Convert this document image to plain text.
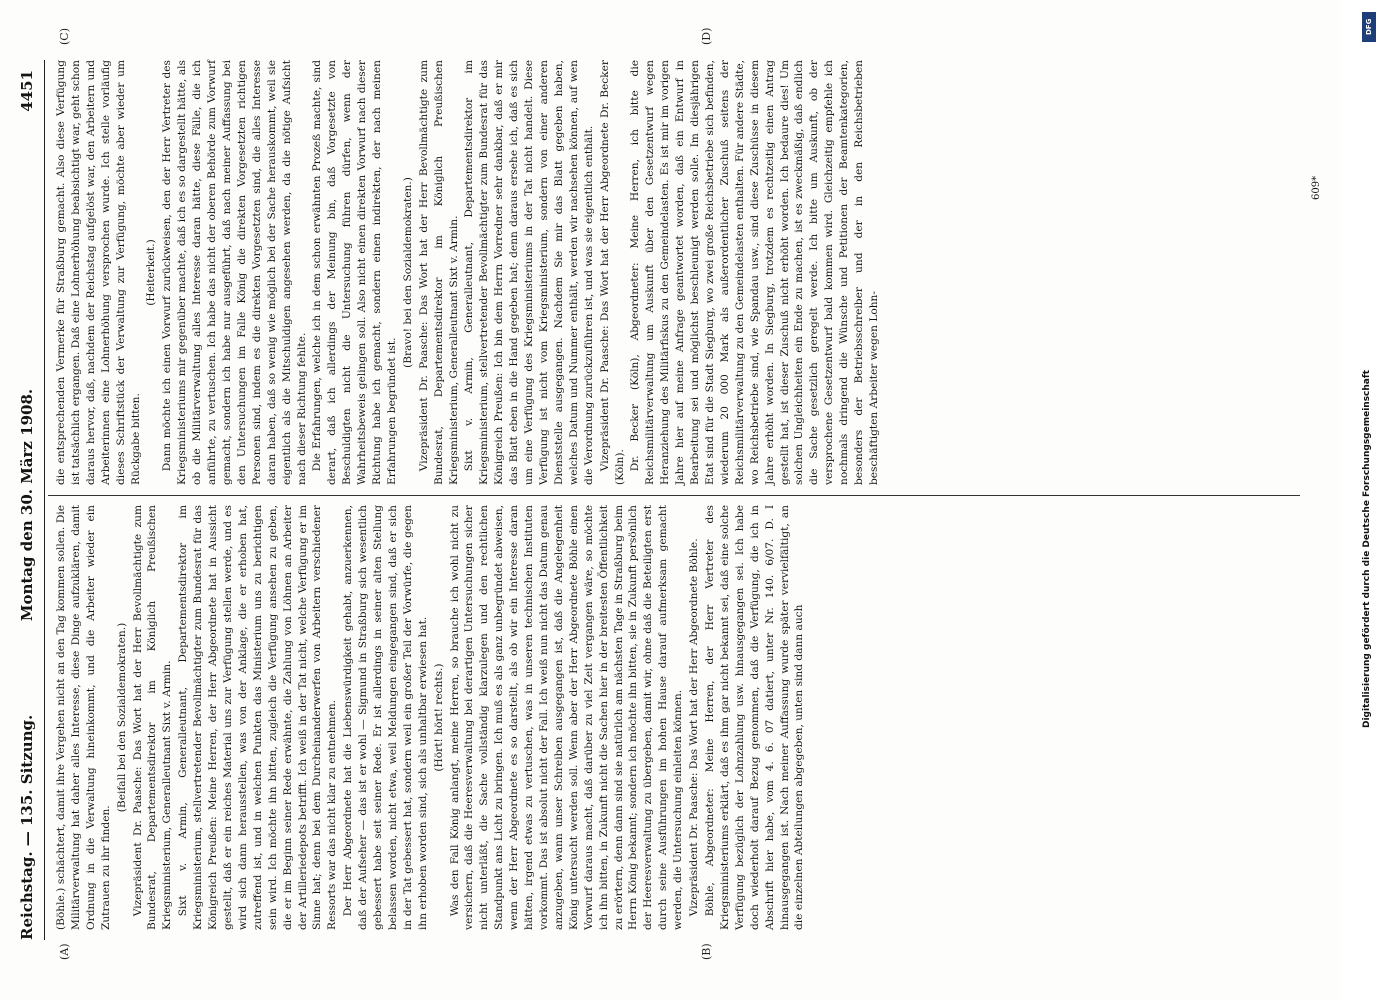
Reichstag. — 135. Sitzung.
Montag den 30. März 1908.
4451
(A)	(B)
(C)	(D)

(Böhle.) schächtert, damit ihre Vergehen nicht an den Tag kommen sollen. Die Militärverwaltung hat daher alles Interesse, diese Dinge aufzuklären, damit Ordnung in die Verwaltung hineinkommt, und die Arbeiter wieder ein Zutrauen zu ihr finden.

(Beifall bei den Sozialdemokraten.) Vizepräsident Dr. Paasche: Das Wort hat der Herr Bevollmächtigte zum Bundesrat, Departementsdirektor im Königlich Preußischen Kriegsministerium, Generalleutnant Sixt v. Armin. Sixt v. Armin, Generalleutnant, Departementsdirektor im Kriegsministerium, stellvertretender Bevollmächtigter zum Bundesrat für das Königreich Preußen: Meine Herren, der Herr Abgeordnete hat in Aussicht gestellt, daß er ein reiches Material uns zur Verfügung stellen werde, und es wird sich dann herausstellen, was von der Anklage, die er erhoben hat, zutreffend ist, und in welchen Punkten das Ministerium uns zu berichtigen sein wird. Ich möchte ihn bitten, zugleich die Verfügung ansehen zu geben, die er im Beginn seiner Rede erwähnte, die Zahlung von Löhnen an Arbeiter der Artilleriedepots betrifft. Ich weiß in der Tat nicht, welche Verfügung er im Sinne hat; denn bei dem Durcheinanderwerfen von Arbeitern verschiedener Ressorts war das nicht klar zu entnehmen. Der Herr Abgeordnete hat die Liebenswürdigkeit gehabt, anzuerkennen, daß der Aufseher — das ist er wohl — Sigmund in Straßburg sich wesentlich gebessert habe seit seiner Rede. Er ist allerdings in seiner alten Stellung belassen worden, nicht etwa, weil Meldungen eingegangen sind, daß er sich in der Tat gebessert hat, sondern weil ein großer Teil der Vorwürfe, die gegen ihn erhoben worden sind, sich als unhaltbar erwiesen hat. (Hört! hört! rechts.) Was den Fall König anlangt, meine Herren, so brauche ich wohl nicht zu versichern, daß die Heeresverwaltung bei derartigen Untersuchungen sicher nicht unterläßt, die Sache vollständig klarzulegen und den rechtlichen Standpunkt ans Licht zu bringen. Ich muß es als ganz unbegründet abweisen, wenn der Herr Abgeordnete es so darstellt, als ob wir ein Interesse daran hätten, irgend etwas zu vertuschen, was in unseren technischen Instituten vorkommt. Das ist absolut nicht der Fall. Ich weiß nun nicht das Datum genau anzugeben, wann unser Schreiben ausgegangen ist, daß die Angelegenheit König untersucht werden soll. Wenn aber der Herr Abgeordnete Böhle einen Vorwurf daraus macht, daß darüber zu viel Zeit vergangen wäre, so möchte ich ihn bitten, in Zukunft nicht die Sachen hier in der breitesten Öffentlichkeit zu erörtern, denn dann sind sie natürlich am nächsten Tage in Straßburg beim Herrn König bekannt; sondern ich möchte ihn bitten, sie in Zukunft persönlich der Heeresverwaltung zu übergeben, damit wir, ohne daß die Beteiligten erst durch seine Ausführungen im hohen Hause darauf aufmerksam gemacht werden, die Untersuchung einleiten können. Vizepräsident Dr. Paasche: Das Wort hat der Herr Abgeordnete Böhle. Böhle, Abgeordneter: Meine Herren, der Herr Vertreter des Kriegsministeriums erklärt, daß es ihm gar nicht bekannt sei, daß eine solche Verfügung bezüglich der Lohnzahlung usw. hinausgegangen sei. Ich habe doch wiederholt darauf Bezug genommen, daß die Verfügung, die ich in Abschrift hier habe, vom 4. 6. 07 datiert, unter Nr. 140. 6/07. D. I hinausgegangen ist. Nach meiner Auffassung wurde später vervielfältigt, an die einzelnen Abteilungen abgegeben, unten sind dann auch

die entsprechenden Vermerke für Straßburg gemacht. Also diese Verfügung ist tatsächlich ergangen. Daß eine Lohnerhöhung beabsichtigt war, geht schon daraus hervor, daß, nachdem der Reichstag aufgelöst war, den Arbeitern und Arbeiterinnen eine Lohnerhöhung versprochen wurde. Ich stelle vorläufig dieses Schriftstück der Verwaltung zur Verfügung, möchte aber wieder um Rückgabe bitten.

(Heiterkeit.) Dann möchte ich einen Vorwurf zurückweisen, den der Herr Vertreter des Kriegsministeriums mir gegenüber machte, daß ich es so dargestellt hätte, als ob die Militärverwaltung alles Interesse daran hätte, diese Fälle, die ich anführte, zu vertuschen. Ich habe das nicht der oberen Behörde zum Vorwurf gemacht, sondern ich habe nur ausgeführt, daß nach meiner Auffassung bei den Untersuchungen im Falle König die direkten Vorgesetzten richtigen Personen sind, indem es die direkten Vorgesetzten sind, die alles Interesse daran haben, daß so wenig wie möglich bei der Sache herauskommt, weil sie eigentlich als die Mitschuldigen angesehen werden, da die nötige Aufsicht nach dieser Richtung fehlte. Die Erfahrungen, welche ich in dem schon erwähnten Prozeß machte, sind derart, daß ich allerdings der Meinung bin, daß Vorgesetzte von Beschuldigten nicht die Untersuchung führen dürfen, wenn der Wahrheitsbeweis gelingen soll. Also nicht einen direkten Vorwurf nach dieser Richtung habe ich gemacht, sondern einen indirekten, der nach meinen Erfahrungen begründet ist.

(Bravo! bei den Sozialdemokraten.) Vizepräsident Dr. Paasche: Das Wort hat der Herr Bevollmächtigte zum Bundesrat, Departementsdirektor im Königlich Preußischen Kriegsministerium, Generalleutnant Sixt v. Armin. Sixt v. Armin, Generalleutnant, Departementsdirektor im Kriegsministerium, stellvertretender Bevollmächtigter zum Bundesrat für das Königreich Preußen: Ich bin dem Herrn Vorredner sehr dankbar, daß er mir das Blatt eben in die Hand gegeben hat; denn daraus ersehe ich, daß es sich um eine Verfügung des Kriegsministeriums in der Tat nicht handelt. Diese Verfügung ist nicht vom Kriegsministerium, sondern von einer anderen Dienststelle ausgegangen. Nachdem Sie mir das Blatt gegeben haben, welches Datum und Nummer enthält, werden wir nachsehen können, auf wen die Verordnung zurückzuführen ist, und was sie eigentlich enthält. Vizepräsident Dr. Paasche: Das Wort hat der Herr Abgeordnete Dr. Becker (Köln). Dr. Becker (Köln), Abgeordneter: Meine Herren, ich bitte die Reichsmilitärverwaltung um Auskunft über den Gesetzentwurf wegen Heranziehung des Militärfiskus zu den Gemeindelasten. Es ist mir im vorigen Jahre hier auf meine Anfrage geantwortet worden, daß ein Entwurf in Bearbeitung sei und möglichst beschleunigt werden solle. Im diesjährigen Etat sind für die Stadt Siegburg, wo zwei große Reichsbetriebe sich befinden, wiederum 20 000 Mark als außerordentlicher Zuschuß seitens der Reichsmilitärverwaltung zu den Gemeindelasten enthalten. Für andere Städte, wo Reichsbetriebe sind, wie Spandau usw., sind diese Zuschüsse in diesem Jahre erhöht worden. In Siegburg, trotzdem es rechtzeitig einen Antrag gestellt hat, ist dieser Zuschuß nicht erhöht worden. Ich bedaure dies! Um solchen Ungleichheiten ein Ende zu machen, ist es zweckmäßig, daß endlich die Sache gesetzlich geregelt werde. Ich bitte um Auskunft, ob der versprochene Gesetzentwurf bald kommen wird. Gleichzeitig empfehle ich nochmals dringend die Wünsche und Petitionen der Beamtenkategorien, besonders der Betriebsschreiber und der in den Reichsbetrieben beschäftigten Arbeiter wegen Lohn-

609*
DFG
Digitalisierung gefördert durch die Deutsche Forschungsgemeinschaft
